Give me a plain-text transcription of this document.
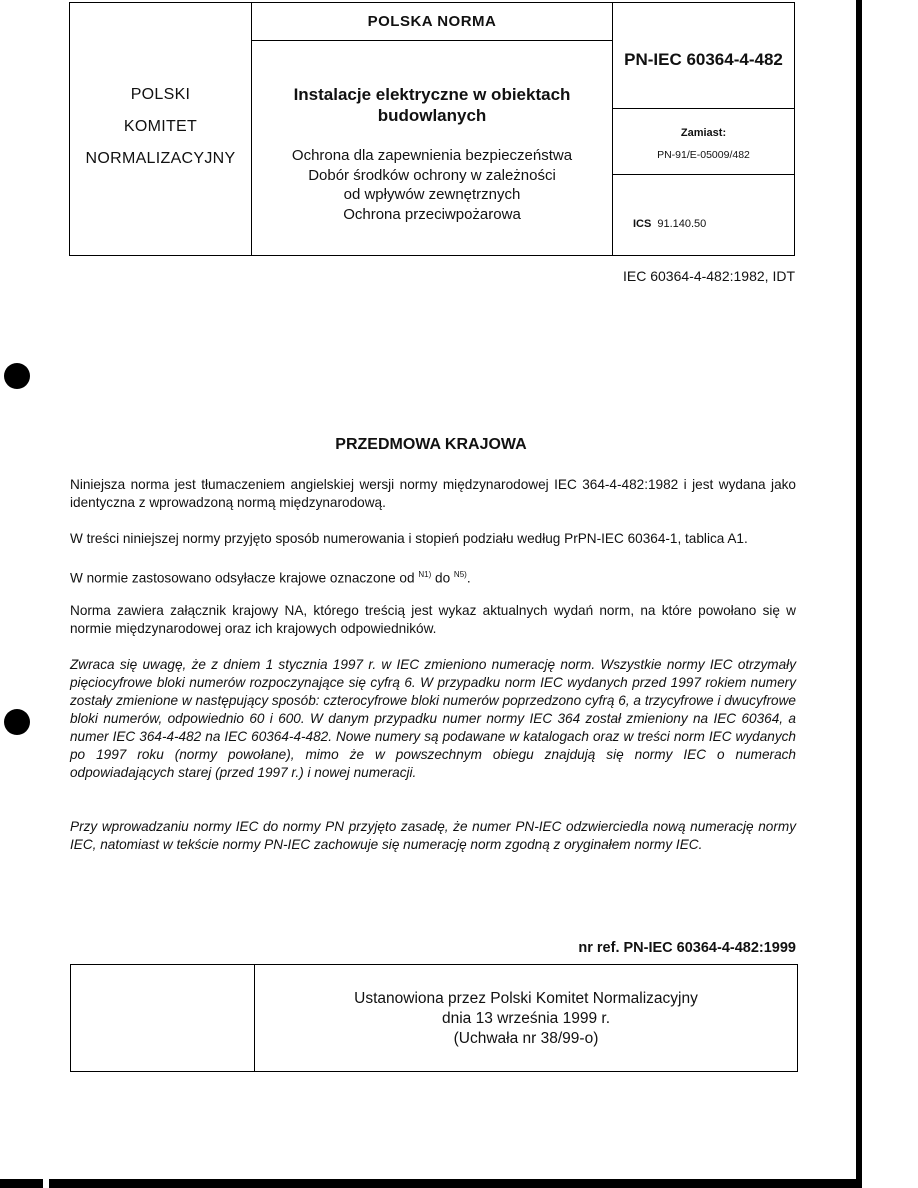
POLSKI
KOMITET
NORMALIZACYJNY
POLSKA NORMA
Instalacje elektryczne w obiektach
budowlanych
Ochrona dla zapewnienia bezpieczeństwa
Dobór środków ochrony w zależności
od wpływów zewnętrznych
Ochrona przeciwpożarowa
PN-IEC 60364-4-482
Zamiast:
PN-91/E-05009/482
ICS 91.140.50
IEC 60364-4-482:1982, IDT
PRZEDMOWA KRAJOWA
Niniejsza norma jest tłumaczeniem angielskiej wersji normy międzynarodowej IEC 364-4-482:1982 i jest wydana jako identyczna z wprowadzoną normą międzynarodową.
W treści niniejszej normy przyjęto sposób numerowania i stopień podziału według PrPN-IEC 60364-1, tablica A1.
W normie zastosowano odsyłacze krajowe oznaczone od $^{N1)}$ do $^{N5)}$.
Norma zawiera załącznik krajowy NA, którego treścią jest wykaz aktualnych wydań norm, na które powołano się w normie międzynarodowej oraz ich krajowych odpowiedników.
Zwraca się uwagę, że z dniem 1 stycznia 1997 r. w IEC zmieniono numerację norm. Wszystkie normy IEC otrzymały pięciocyfrowe bloki numerów rozpoczynające się cyfrą 6. W przypadku norm IEC wydanych przed 1997 rokiem numery zostały zmienione w następujący sposób: czterocyfrowe bloki numerów poprzedzono cyfrą 6, a trzycyfrowe i dwucyfrowe bloki numerów, odpowiednio 60 i 600. W danym przypadku numer normy IEC 364 został zmieniony na IEC 60364, a numer IEC 364-4-482 na IEC 60364-4-482. Nowe numery są podawane w katalogach oraz w treści norm IEC wydanych po 1997 roku (normy powołane), mimo że w powszechnym obiegu znajdują się normy IEC o numerach odpowiadających starej (przed 1997 r.) i nowej numeracji.
Przy wprowadzaniu normy IEC do normy PN przyjęto zasadę, że numer PN-IEC odzwierciedla nową numerację normy IEC, natomiast w tekście normy PN-IEC zachowuje się numerację norm zgodną z oryginałem normy IEC.
nr ref. PN-IEC 60364-4-482:1999
Ustanowiona przez Polski Komitet Normalizacyjny
dnia 13 września 1999 r.
(Uchwała nr 38/99-o)
